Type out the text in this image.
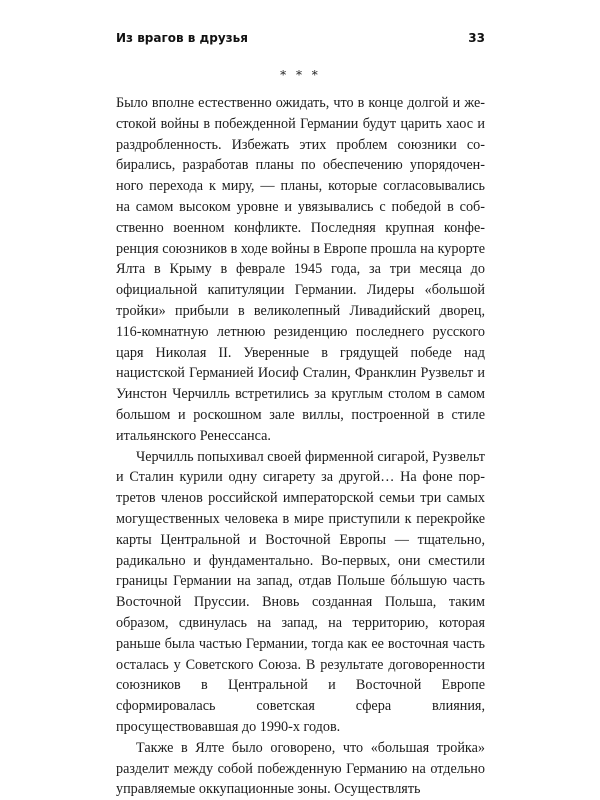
Из врагов в друзья	33
* * *

Было вполне естественно ожидать, что в конце долгой и жестокой войны в побежденной Германии будут царить хаос и раздробленность. Избежать этих проблем союзники собирались, разработав планы по обеспечению упорядоченного перехода к миру, — планы, которые согласовывались на самом высоком уровне и увязывались с победой в собственно военном конфликте. Последняя крупная конференция союзников в ходе войны в Европе прошла на курорте Ялта в Крыму в феврале 1945 года, за три месяца до официальной капитуляции Германии. Лидеры «большой тройки» прибыли в великолепный Ливадийский дворец, 116-комнатную летнюю резиденцию последнего русского царя Николая II. Уверенные в грядущей победе над нацистской Германией Иосиф Сталин, Франклин Рузвельт и Уинстон Черчилль встретились за круглым столом в самом большом и роскошном зале виллы, построенной в стиле итальянского Ренессанса.

Черчилль попыхивал своей фирменной сигарой, Рузвельт и Сталин курили одну сигарету за другой… На фоне портретов членов российской императорской семьи три самых могущественных человека в мире приступили к перекройке карты Центральной и Восточной Европы — тщательно, радикально и фундаментально. Во-первых, они сместили границы Германии на запад, отдав Польше бóльшую часть Восточной Пруссии. Вновь созданная Польша, таким образом, сдвинулась на запад, на территорию, которая раньше была частью Германии, тогда как ее восточная часть осталась у Советского Союза. В результате договоренности союзников в Центральной и Восточной Европе сформировалась советская сфера влияния, просуществовавшая до 1990-х годов.

Также в Ялте было оговорено, что «большая тройка» разделит между собой побежденную Германию на отдельно управляемые оккупационные зоны. Осуществлять
